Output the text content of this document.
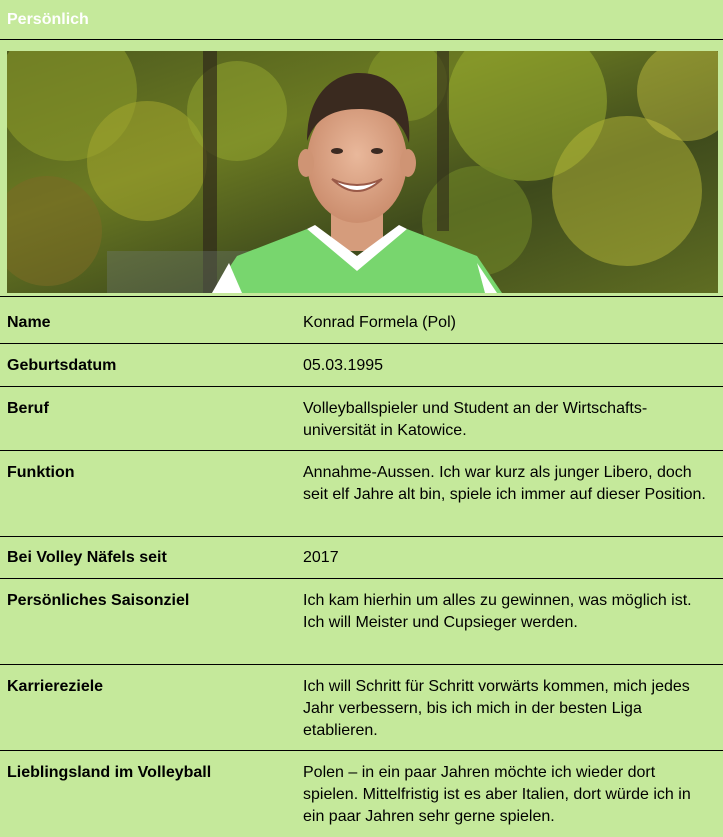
Persönlich
Name	Konrad Formela (Pol)
Geburtsdatum	05.03.1995
Beruf	Volleyballspieler und Student an der Wirtschafts-universität in Katowice.
Funktion	Annahme-Aussen. Ich war kurz als junger Libero, doch seit elf Jahre alt bin, spiele ich immer auf dieser Position.
Bei Volley Näfels seit	2017
Persönliches Saisonziel	Ich kam hierhin um alles zu gewinnen, was möglich ist. Ich will Meister und Cupsieger werden.
Karriereziele	Ich will Schritt für Schritt vorwärts kommen, mich jedes Jahr verbessern, bis ich mich in der besten Liga etablieren.
Lieblingsland im Volleyball	Polen – in ein paar Jahren möchte ich wieder dort spielen. Mittelfristig ist es aber Italien, dort würde ich in ein paar Jahren sehr gerne spielen.
